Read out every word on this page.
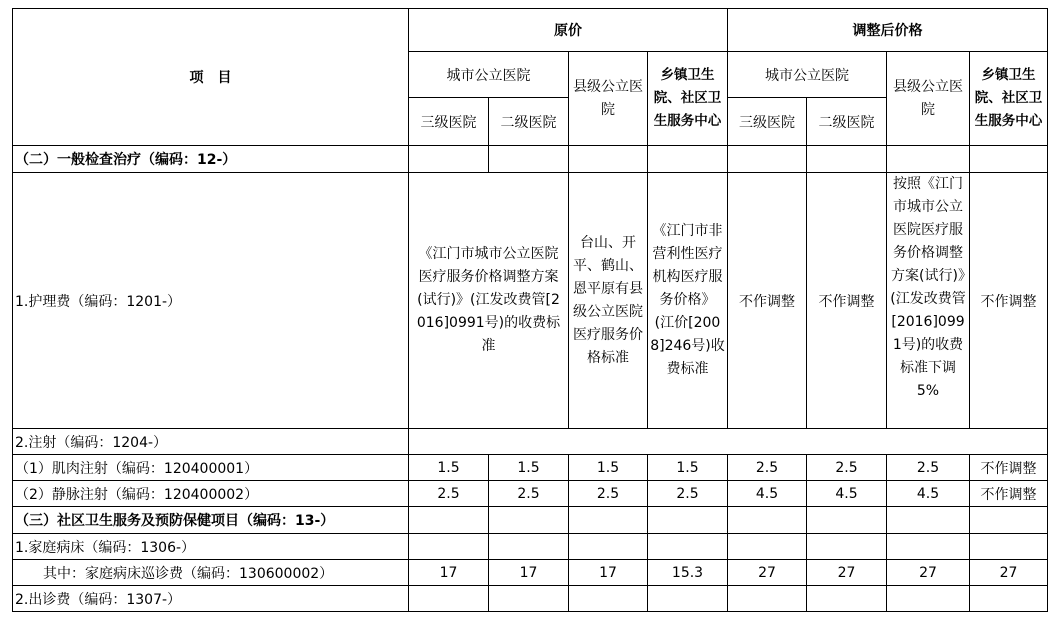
项　目	原价				调整后价格			
	城市公立医院		县级公立医院	乡镇卫生院、社区卫生服务中心	城市公立医院		县级公立医院	乡镇卫生院、社区卫生服务中心
	三级医院	二级医院			三级医院	二级医院		
（二）一般检查治疗（编码：12-）								
1.护理费（编码：1201-）	《江门市城市公立医院医疗服务价格调整方案(试行)》(江发改费管[2016]0991号)的收费标准		台山、开平、鹤山、恩平原有县级公立医院医疗服务价格标准	《江门市非营利性医疗机构医疗服务价格》(江价[2008]246号)收费标准	不作调整	不作调整	按照《江门市城市公立医院医疗服务价格调整方案(试行)》(江发改费管[2016]0991号)的收费标准下调5%	不作调整
2.注射（编码：1204-）								
（1）肌肉注射（编码：120400001）	1.5	1.5	1.5	1.5	2.5	2.5	2.5	不作调整
（2）静脉注射（编码：120400002）	2.5	2.5	2.5	2.5	4.5	4.5	4.5	不作调整
（三）社区卫生服务及预防保健项目（编码：13-）								
1.家庭病床（编码：1306-）								
其中：家庭病床巡诊费（编码：130600002）	17	17	17	15.3	27	27	27	27
2.出诊费（编码：1307-）								
